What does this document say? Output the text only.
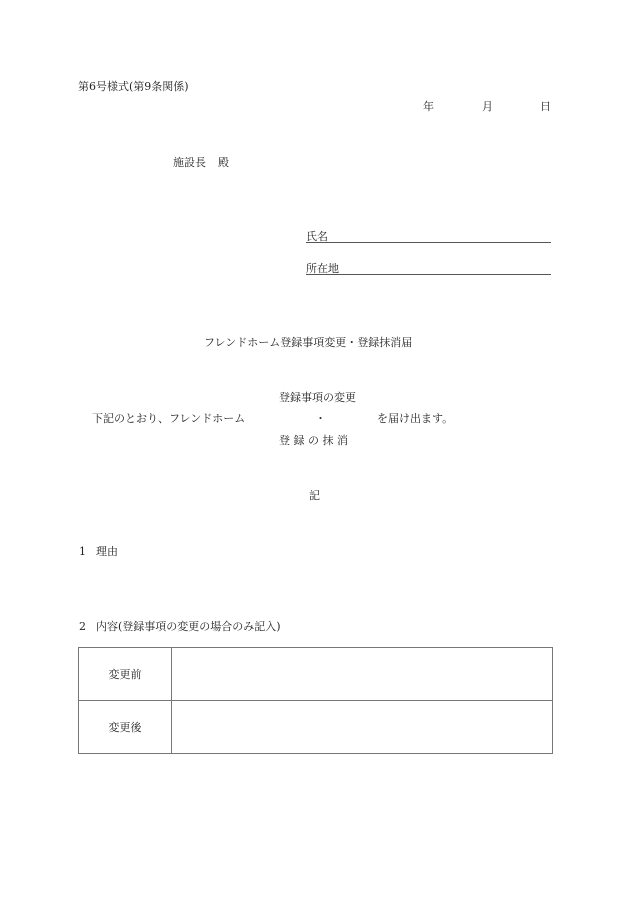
第6号様式(第9条関係)
年	月	日
施設長 殿
氏名
所在地
フレンドホーム登録事項変更・登録抹消届
登録事項の変更
下記のとおり、フレンドホーム	・	を届け出ます。
登 録 の 抹 消
記
1 理由
2 内容(登録事項の変更の場合のみ記入)
変更前	
変更後	
